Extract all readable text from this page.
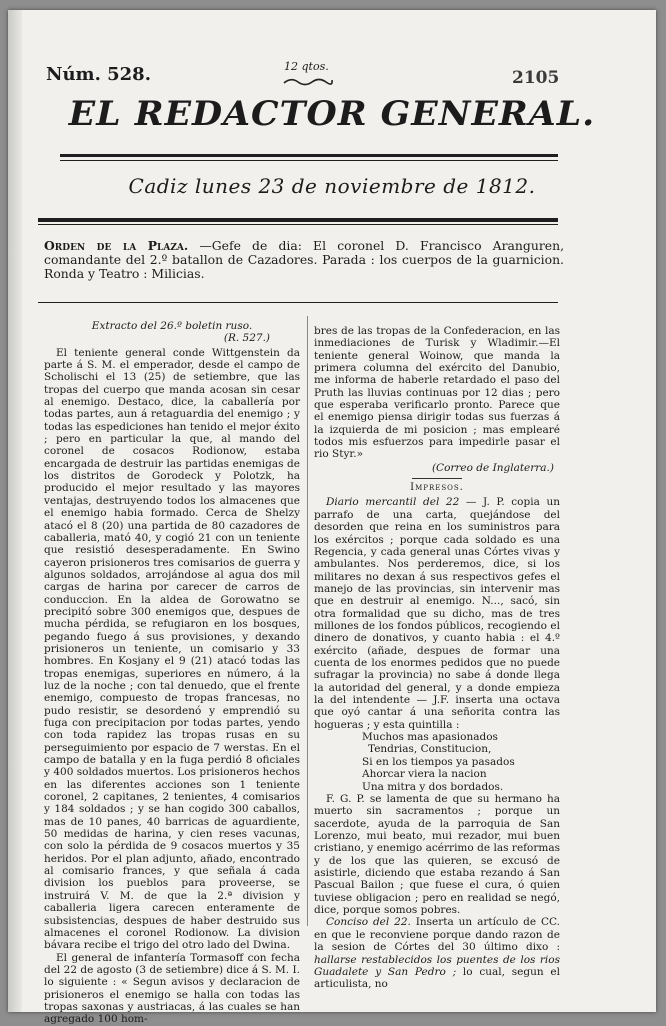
Núm. 528.	12 qtos.
2105
EL REDACTOR GENERAL.
Cadiz lunes 23 de noviembre de 1812.
Orden de la Plaza. —Gefe de dia: El coronel D. Francisco Aranguren, comandante del 2.º batallon de Cazadores. Parada : los cuerpos de la guarnicion. Ronda y Teatro : Milicias.
Extracto del 26.º boletin ruso.
(R. 527.)

El teniente general conde Wittgenstein da parte á S. M. el emperador, desde el campo de Scholischi el 13 (25) de setiembre, que las tropas del cuerpo que manda acosan sin cesar al enemigo. Destaco, dice, la caballería por todas partes, aun á retaguardia del enemigo ; y todas las espediciones han tenido el mejor éxito ; pero en particular la que, al mando del coronel de cosacos Rodionow, estaba encargada de destruir las partidas enemigas de los distritos de Gorodeck y Polotzk, ha producido el mejor resultado y las mayores ventajas, destruyendo todos los almacenes que el enemigo habia formado. Cerca de Shelzy atacó el 8 (20) una partida de 80 cazadores de caballeria, mató 40, y cogió 21 con un teniente que resistió desesperadamente. En Swino cayeron prisioneros tres comisarios de guerra y algunos soldados, arrojándose al agua dos mil cargas de harina por carecer de carros de conduccion. En la aldea de Gorowatno se precipitó sobre 300 enemigos que, despues de mucha pérdida, se refugiaron en los bosques, pegando fuego á sus provisiones, y dexando prisioneros un teniente, un comisario y 33 hombres. En Kosjany el 9 (21) atacó todas las tropas enemigas, superiores en número, á la luz de la noche ; con tal denuedo, que el frente enemigo, compuesto de tropas francesas, no pudo resistir, se desordenó y emprendió su fuga con precipitacion por todas partes, yendo con toda rapidez las tropas rusas en su perseguimiento por espacio de 7 werstas. En el campo de batalla y en la fuga perdió 8 oficiales y 400 soldados muertos. Los prisioneros hechos en las diferentes acciones son 1 teniente coronel, 2 capitanes, 2 tenientes, 4 comisarios y 184 soldados ; y se han cogido 300 caballos, mas de 10 panes, 40 barricas de aguardiente, 50 medidas de harina, y cien reses vacunas, con solo la pérdida de 9 cosacos muertos y 35 heridos. Por el plan adjunto, añado, encontrado al comisario frances, y que señala á cada division los pueblos para proveerse, se instruirá V. M. de que la 2.ª division y caballeria ligera carecen enteramente de subsistencias, despues de haber destruido sus almacenes el coronel Rodionow. La division bávara recibe el trigo del otro lado del Dwina.

El general de infantería Tormasoff con fecha del 22 de agosto (3 de setiembre) dice á S. M. I. lo siguiente : « Segun avisos y declaracion de prisioneros el enemigo se halla con todas las tropas saxonas y austriacas, á las cuales se han agregado 100 hom-

bres de las tropas de la Confederacion, en las inmediaciones de Turisk y Wladimir.—El teniente general Woinow, que manda la primera columna del exército del Danubio, me informa de haberle retardado el paso del Pruth las lluvias continuas por 12 dias ; pero que esperaba verificarlo pronto. Parece que el enemigo piensa dirigir todas sus fuerzas á la izquierda de mi posicion ; mas emplearé todos mis esfuerzos para impedirle pasar el rio Styr.»

(Correo de Inglaterra.)
Impresos.

Diario mercantil del 22 — J. P. copia un parrafo de una carta, quejándose del desorden que reina en los suministros para los exércitos ; porque cada soldado es una Regencia, y cada general unas Córtes vivas y ambulantes. Nos perderemos, dice, si los militares no dexan á sus respectivos gefes el manejo de las provincias, sin intervenir mas que en destruir al enemigo. N..., sacó, sin otra formalidad que su dicho, mas de tres millones de los fondos públicos, recogiendo el dinero de donativos, y cuanto habia : el 4.º exército (añade, despues de formar una cuenta de los enormes pedidos que no puede sufragar la provincia) no sabe á donde llega la autoridad del general, y a donde empieza la del intendente — J.F. inserta una octava que oyó cantar á una señorita contra las hogueras ; y esta quintilla :

Muchos mas apasionados
Tendrias, Constitucion,
Si en los tiempos ya pasados
Ahorcar viera la nacion
Una mitra y dos bordados.

F. G. P. se lamenta de que su hermano ha muerto sin sacramentos ; porque un sacerdote, ayuda de la parroquia de San Lorenzo, mui beato, mui rezador, mui buen cristiano, y enemigo acérrimo de las reformas y de los que las quieren, se excusó de asistirle, diciendo que estaba rezando á San Pascual Bailon ; que fuese el cura, ó quien tuviese obligacion ; pero en realidad se negó, dice, porque somos pobres.

Conciso del 22. Inserta un artículo de CC. en que le reconviene porque dando razon de la sesion de Córtes del 30 último dixo : hallarse restablecidos los puentes de los rios Guadalete y San Pedro ; lo cual, segun el articulista, no
